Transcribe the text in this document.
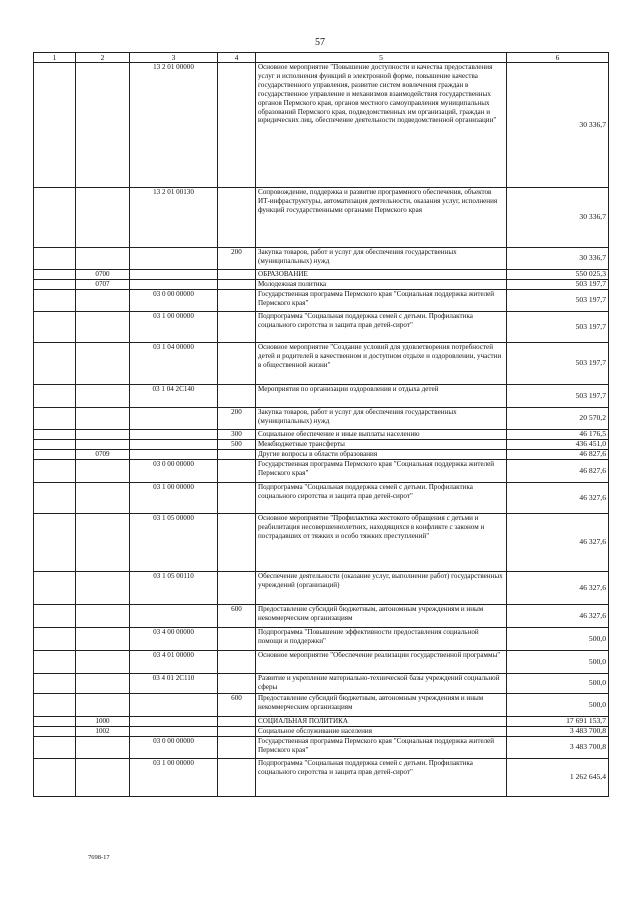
57
1	2	3	4	5	6
		13 2 01 00000		Основное мероприятие "Повышение доступности и качества предоставления услуг и исполнения функций в электронной форме, повышение качества государственного управления, развитие систем вовлечения граждан в государственное управление и механизмов взаимодействия государственных органов Пермского края, органов местного самоуправления муниципальных образований Пермского края, подведомственных им организаций, граждан и юридических лиц, обеспечение деятельности подведомственной организации"	30 336,7
		13 2 01 00130		Сопровождение, поддержка и развитие программного обеспечения, объектов ИТ-инфраструктуры, автоматизация деятельности, оказания услуг, исполнения функций государственными органами Пермского края	30 336,7
			200	Закупка товаров, работ и услуг для обеспечения государственных (муниципальных) нужд	30 336,7
	0700			ОБРАЗОВАНИЕ	550 025,3
	0707			Молодежная политика	503 197,7
		03 0 00 00000		Государственная программа Пермского края "Социальная поддержка жителей Пермского края"	503 197,7
		03 1 00 00000		Подпрограмма "Социальная поддержка семей с детьми. Профилактика социального сиротства и защита прав детей-сирот"	503 197,7
		03 1 04 00000		Основное мероприятие "Создание условий для удовлетворения потребностей детей и родителей в качественном и доступном отдыхе и оздоровлении, участии в общественной жизни"	503 197,7
		03 1 04 2С140		Мероприятия по организации оздоровления и отдыха детей	503 197,7
			200	Закупка товаров, работ и услуг для обеспечения государственных (муниципальных) нужд	20 570,2
			300	Социальное обеспечение и иные выплаты населению	46 176,5
			500	Межбюджетные трансферты	436 451,0
	0709			Другие вопросы в области образования	46 827,6
		03 0 00 00000		Государственная программа Пермского края "Социальная поддержка жителей Пермского края"	46 827,6
		03 1 00 00000		Подпрограмма "Социальная поддержка семей с детьми. Профилактика социального сиротства и защита прав детей-сирот"	46 327,6
		03 1 05 00000		Основное мероприятие "Профилактика жестокого обращения с детьми и реабилитация несовершеннолетних, находящихся в конфликте с законом и пострадавших от тяжких и особо тяжких преступлений"	46 327,6
		03 1 05 00110		Обеспечение деятельности (оказание услуг, выполнение работ) государственных учреждений (организаций)	46 327,6
			600	Предоставление субсидий бюджетным, автономным учреждениям и иным некоммерческим организациям	46 327,6
		03 4 00 00000		Подпрограмма "Повышение эффективности предоставления социальной помощи и поддержки"	500,0
		03 4 01 00000		Основное мероприятие "Обеспечение реализации государственной программы"	500,0
		03 4 01 2С110		Развитие и укрепление материально-технической базы учреждений социальной сферы	500,0
			600	Предоставление субсидий бюджетным, автономным учреждениям и иным некоммерческим организациям	500,0
	1000			СОЦИАЛЬНАЯ ПОЛИТИКА	17 691 153,7
	1002			Социальное обслуживание населения	3 483 700,8
		03 0 00 00000		Государственная программа Пермского края "Социальная поддержка жителей Пермского края"	3 483 700,8
		03 1 00 00000		Подпрограмма "Социальная поддержка семей с детьми. Профилактика социального сиротства и защита прав детей-сирот"	1 262 645,4
7698-17
